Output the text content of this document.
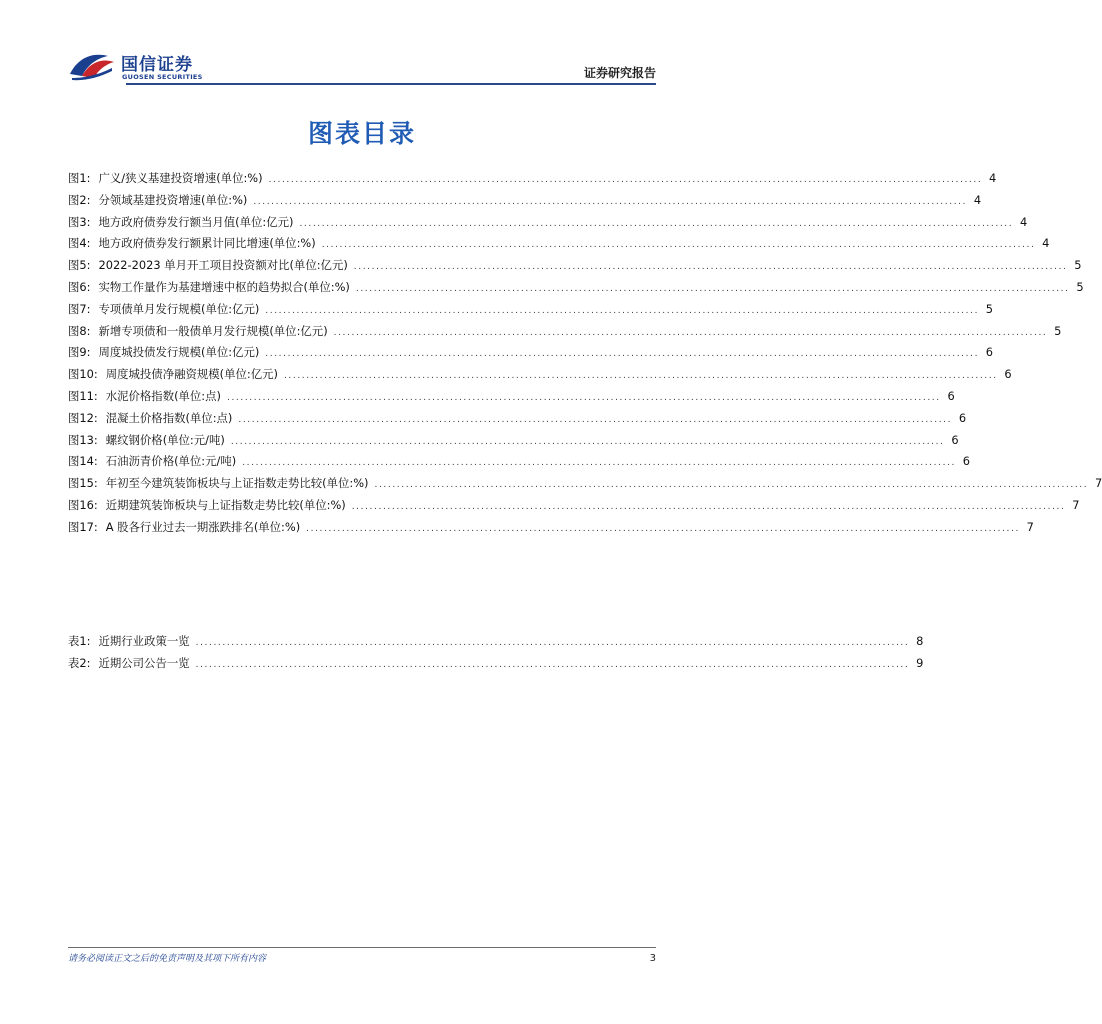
国信证券
GUOSEN SECURITIES	证券研究报告
图表目录
图1: 广义/狭义基建投资增速(单位:%) ................................................................................................................................................................ 4
图2: 分领域基建投资增速(单位:%) ................................................................................................................................................................ 4
图3: 地方政府债券发行额当月值(单位:亿元) ................................................................................................................................................................ 4
图4: 地方政府债券发行额累计同比增速(单位:%) ................................................................................................................................................................ 4
图5: 2022-2023 单月开工项目投资额对比(单位:亿元) ................................................................................................................................................................ 5
图6: 实物工作量作为基建增速中枢的趋势拟合(单位:%) ................................................................................................................................................................ 5
图7: 专项债单月发行规模(单位:亿元) ................................................................................................................................................................ 5
图8: 新增专项债和一般债单月发行规模(单位:亿元) ................................................................................................................................................................ 5
图9: 周度城投债发行规模(单位:亿元) ................................................................................................................................................................ 6
图10: 周度城投债净融资规模(单位:亿元) ................................................................................................................................................................ 6
图11: 水泥价格指数(单位:点) ................................................................................................................................................................ 6
图12: 混凝土价格指数(单位:点) ................................................................................................................................................................ 6
图13: 螺纹钢价格(单位:元/吨) ................................................................................................................................................................ 6
图14: 石油沥青价格(单位:元/吨) ................................................................................................................................................................ 6
图15: 年初至今建筑装饰板块与上证指数走势比较(单位:%) ................................................................................................................................................................ 7
图16: 近期建筑装饰板块与上证指数走势比较(单位:%) ................................................................................................................................................................ 7
图17: A 股各行业过去一期涨跌排名(单位:%) ................................................................................................................................................................ 7
表1: 近期行业政策一览 ................................................................................................................................................................ 8
表2: 近期公司公告一览 ................................................................................................................................................................ 9
请务必阅读正文之后的免责声明及其项下所有内容	3
